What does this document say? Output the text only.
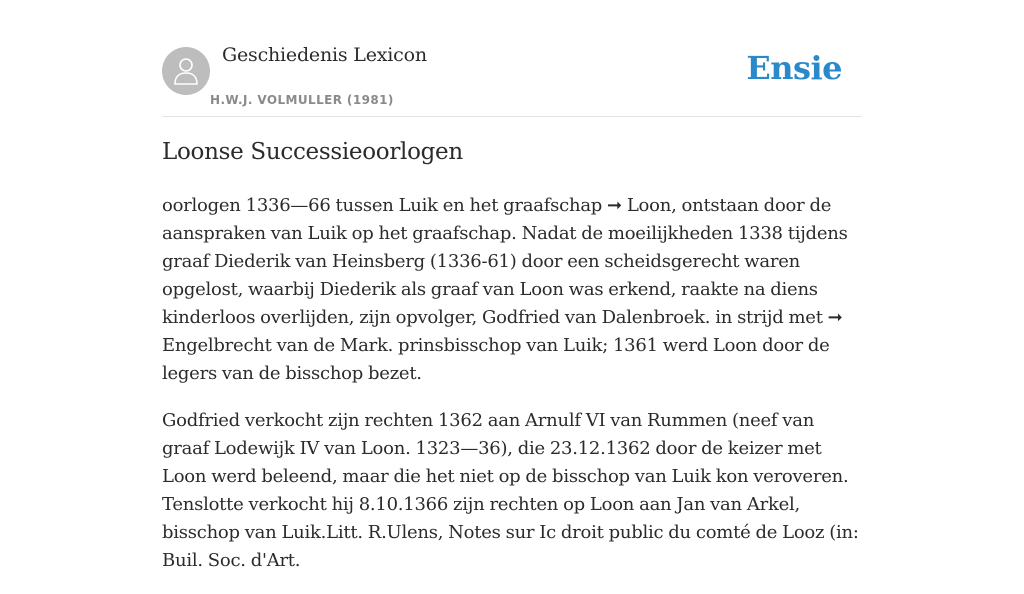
Geschiedenis Lexicon
H.W.J. VOLMULLER (1981)
Ensie
Loonse Successieoorlogen

oorlogen 1336—66 tussen Luik en het graafschap ➞ Loon, ontstaan door de aanspraken van Luik op het graafschap. Nadat de moeilijkheden 1338 tijdens graaf Diederik van Heinsberg (1336-61) door een scheidsgerecht waren opgelost, waarbij Diederik als graaf van Loon was erkend, raakte na diens kinderloos overlijden, zijn opvolger, Godfried van Dalenbroek. in strijd met ➞ Engelbrecht van de Mark. prinsbisschop van Luik; 1361 werd Loon door de legers van de bisschop bezet.

Godfried verkocht zijn rechten 1362 aan Arnulf VI van Rummen (neef van graaf Lodewijk IV van Loon. 1323—36), die 23.12.1362 door de keizer met Loon werd beleend, maar die het niet op de bisschop van Luik kon veroveren. Tenslotte verkocht hij 8.10.1366 zijn rechten op Loon aan Jan van Arkel, bisschop van Luik.Litt. R.Ulens, Notes sur Ic droit public du comté de Looz (in: Buil. Soc. d'Art.
